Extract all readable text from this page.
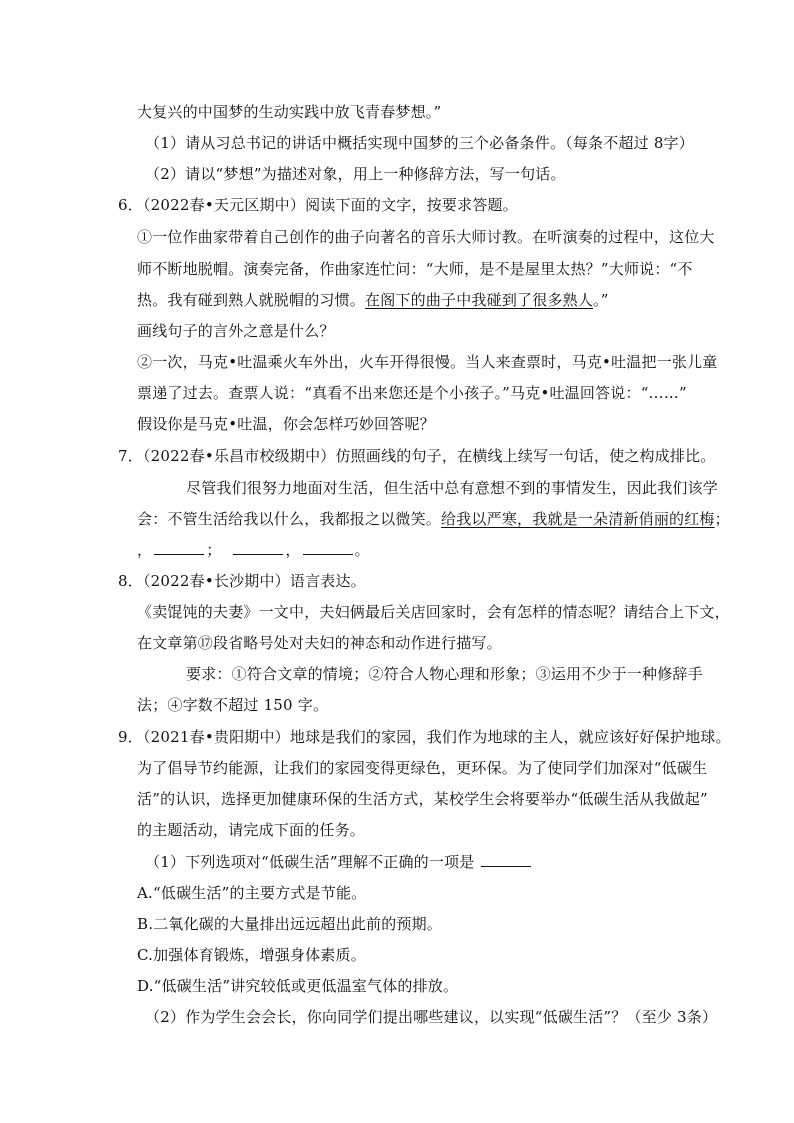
大复兴的中国梦的生动实践中放飞青春梦想。”
（1）请从习总书记的讲话中概括实现中国梦的三个必备条件。（每条不超过 8字）
（2）请以“梦想”为描述对象，用上一种修辞方法，写一句话。
6．（2022春•天元区期中）阅读下面的文字，按要求答题。
①一位作曲家带着自己创作的曲子向著名的音乐大师讨教。在听演奏的过程中，这位大
师不断地脱帽。演奏完备，作曲家连忙问：“大师，是不是屋里太热？”大师说：“不
热。我有碰到熟人就脱帽的习惯。在阁下的曲子中我碰到了很多熟人。”
画线句子的言外之意是什么？
②一次，马克•吐温乘火车外出，火车开得很慢。当人来查票时，马克•吐温把一张儿童
票递了过去。查票人说：“真看不出来您还是个小孩子。”马克•吐温回答说：“……”
假设你是马克•吐温，你会怎样巧妙回答呢？
7．（2022春•乐昌市校级期中）仿照画线的句子，在横线上续写一句话，使之构成排比。
尽管我们很努力地面对生活，但生活中总有意想不到的事情发生，因此我们该学
会：不管生活给我以什么，我都报之以微笑。给我以严寒，我就是一朵清新俏丽的红梅；
，	；	，	。
8．（2022春•长沙期中）语言表达。
《卖馄饨的夫妻》一文中，夫妇俩最后关店回家时，会有怎样的情态呢？请结合上下文，
在文章第⑰段省略号处对夫妇的神态和动作进行描写。
要求：①符合文章的情境；②符合人物心理和形象；③运用不少于一种修辞手
法；④字数不超过 150 字。
9．（2021春•贵阳期中）地球是我们的家园，我们作为地球的主人，就应该好好保护地球。
为了倡导节约能源，让我们的家园变得更绿色，更环保。为了使同学们加深对“低碳生
活”的认识，选择更加健康环保的生活方式，某校学生会将要举办“低碳生活从我做起”
的主题活动，请完成下面的任务。
（1）下列选项对“低碳生活”理解不正确的一项是
A.“低碳生活”的主要方式是节能。
B.二氧化碳的大量排出远远超出此前的预期。
C.加强体育锻炼，增强身体素质。
D.“低碳生活”讲究较低或更低温室气体的排放。
（2）作为学生会会长，你向同学们提出哪些建议，以实现“低碳生活”？（至少 3条）
